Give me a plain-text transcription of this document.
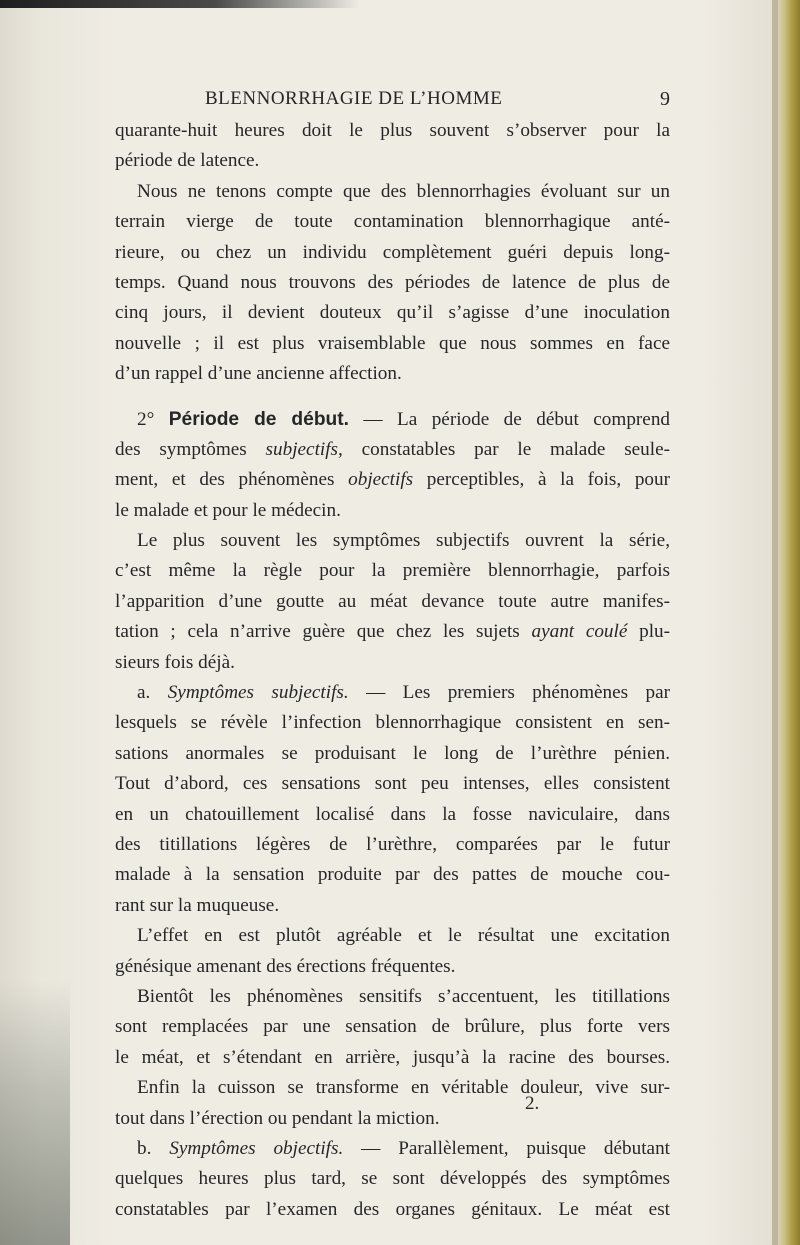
BLENNORRHAGIE DE L’HOMME	9
quarante-huit heures doit le plus souvent s’observer pour la
période de latence.
Nous ne tenons compte que des blennorrhagies évoluant sur un
terrain vierge de toute contamination blennorrhagique anté-
rieure, ou chez un individu complètement guéri depuis long-
temps. Quand nous trouvons des périodes de latence de plus de
cinq jours, il devient douteux qu’il s’agisse d’une inoculation
nouvelle ; il est plus vraisemblable que nous sommes en face
d’un rappel d’une ancienne affection.
2° Période de début. — La période de début comprend
des symptômes subjectifs, constatables par le malade seule-
ment, et des phénomènes objectifs perceptibles, à la fois, pour
le malade et pour le médecin.
Le plus souvent les symptômes subjectifs ouvrent la série,
c’est même la règle pour la première blennorrhagie, parfois
l’apparition d’une goutte au méat devance toute autre manifes-
tation ; cela n’arrive guère que chez les sujets ayant coulé plu-
sieurs fois déjà.
a. Symptômes subjectifs. — Les premiers phénomènes par
lesquels se révèle l’infection blennorrhagique consistent en sen-
sations anormales se produisant le long de l’urèthre pénien.
Tout d’abord, ces sensations sont peu intenses, elles consistent
en un chatouillement localisé dans la fosse naviculaire, dans
des titillations légères de l’urèthre, comparées par le futur
malade à la sensation produite par des pattes de mouche cou-
rant sur la muqueuse.
L’effet en est plutôt agréable et le résultat une excitation
génésique amenant des érections fréquentes.
Bientôt les phénomènes sensitifs s’accentuent, les titillations
sont remplacées par une sensation de brûlure, plus forte vers
le méat, et s’étendant en arrière, jusqu’à la racine des bourses.
Enfin la cuisson se transforme en véritable douleur, vive sur-
tout dans l’érection ou pendant la miction.
b. Symptômes objectifs. — Parallèlement, puisque débutant
quelques heures plus tard, se sont développés des symptômes
constatables par l’examen des organes génitaux. Le méat est
2.
